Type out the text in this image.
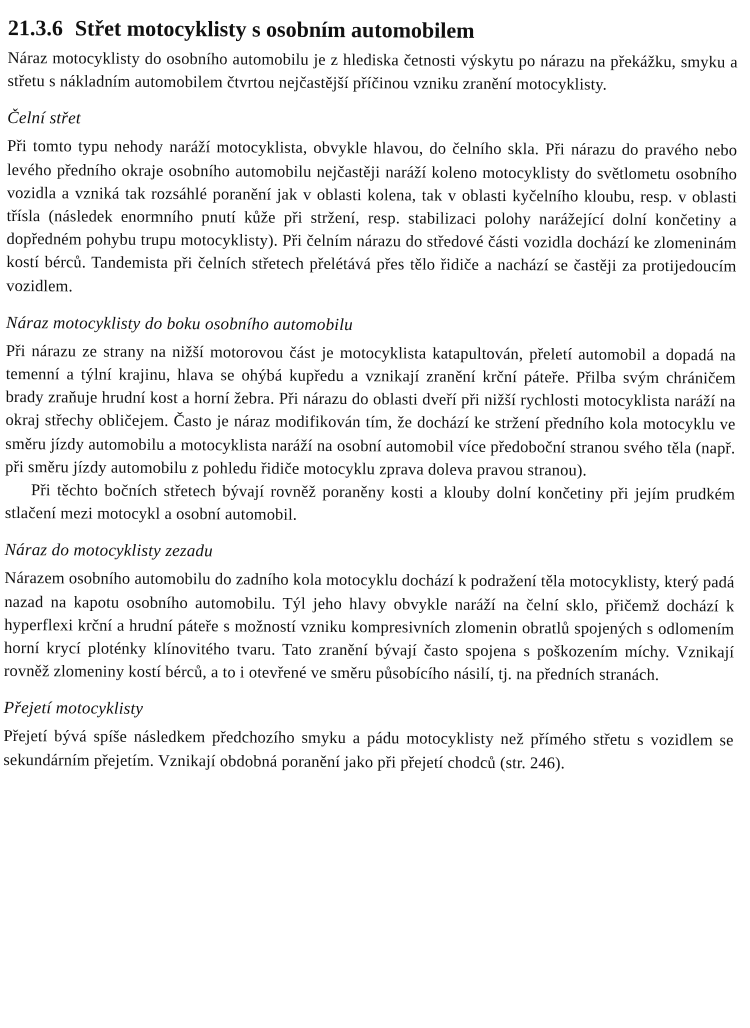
21.3.6 Střet motocyklisty s osobním automobilem

Náraz motocyklisty do osobního automobilu je z hlediska četnosti výskytu po nárazu na překážku, smyku a střetu s nákladním automobilem čtvrtou nejčastější příčinou vzniku zranění motocyklisty.

Čelní střet

Při tomto typu nehody naráží motocyklista, obvykle hlavou, do čelního skla. Při nárazu do pravého nebo levého předního okraje osobního automobilu nejčastěji naráží koleno motocyklisty do světlometu osobního vozidla a vzniká tak rozsáhlé poranění jak v oblasti kolena, tak v oblasti kyčelního kloubu, resp. v oblasti třísla (následek enormního pnutí kůže při stržení, resp. stabilizaci polohy narážející dolní končetiny a dopředném pohybu trupu motocyklisty). Při čelním nárazu do středové části vozidla dochází ke zlomeninám kostí bérců. Tandemista při čelních střetech přelétává přes tělo řidiče a nachází se častěji za protijedoucím vozidlem.

Náraz motocyklisty do boku osobního automobilu

Při nárazu ze strany na nižší motorovou část je motocyklista katapultován, přeletí automobil a dopadá na temenní a týlní krajinu, hlava se ohýbá kupředu a vznikají zranění krční páteře. Přilba svým chráničem brady zraňuje hrudní kost a horní žebra. Při nárazu do oblasti dveří při nižší rychlosti motocyklista naráží na okraj střechy obličejem. Často je náraz modifikován tím, že dochází ke stržení předního kola motocyklu ve směru jízdy automobilu a motocyklista naráží na osobní automobil více předoboční stranou svého těla (např. při směru jízdy automobilu z pohledu řidiče motocyklu zprava doleva pravou stranou).

Při těchto bočních střetech bývají rovněž poraněny kosti a klouby dolní končetiny při jejím prudkém stlačení mezi motocykl a osobní automobil.

Náraz do motocyklisty zezadu

Nárazem osobního automobilu do zadního kola motocyklu dochází k podražení těla motocyklisty, který padá nazad na kapotu osobního automobilu. Týl jeho hlavy obvykle naráží na čelní sklo, přičemž dochází k hyperflexi krční a hrudní páteře s možností vzniku kompresivních zlomenin obratlů spojených s odlomením horní krycí ploténky klínovitého tvaru. Tato zranění bývají často spojena s poškozením míchy. Vznikají rovněž zlomeniny kostí bérců, a to i otevřené ve směru působícího násilí, tj. na předních stranách.

Přejetí motocyklisty

Přejetí bývá spíše následkem předchozího smyku a pádu motocyklisty než přímého střetu s vozidlem se sekundárním přejetím. Vznikají obdobná poranění jako při přejetí chodců (str. 246).
